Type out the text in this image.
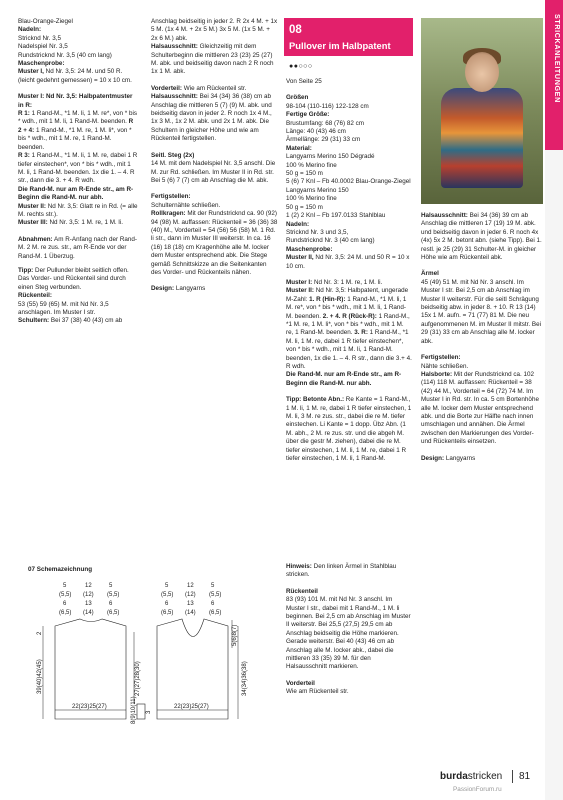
Blau-Orange-Ziegel
Nadeln:
Stricknd Nr. 3,5
Nadelspiel Nr. 3,5
Rundstricknd Nr. 3,5 (40 cm lang)
Maschenprobe:
Muster I, Nd Nr. 3,5: 24 M. und 50 R. (leicht gedehnt gemessen) = 10 x 10 cm.

Muster I: Nd Nr. 3,5: Halbpatentmuster in R:
R 1: 1 Rand-M., *1 M. li, 1 M. re*, von * bis * wdh., mit 1 M. li, 1 Rand-M. beenden. R 2 + 4: 1 Rand-M., *1 M. re, 1 M. li*, von * bis * wdh., mit 1 M. re, 1 Rand-M. beenden.
R 3: 1 Rand-M., *1 M. li, 1 M. re, dabei 1 R tiefer einstechen*, von * bis * wdh., mit 1 M. li, 1 Rand-M. beenden. 1x die 1. – 4. R str., dann die 3. + 4. R wdh.
Die Rand-M. nur am R-Ende str., am R-Beginn die Rand-M. nur abh.
Muster II: Nd Nr. 3,5: Glatt re in Rd. (= alle M. rechts str.).
Muster III: Nd Nr. 3,5: 1 M. re, 1 M. li.

Abnahmen: Am R-Anfang nach der Rand-M. 2 M. re zus. str., am R-Ende vor der Rand-M. 1 Überzug.

Tipp: Der Pullunder bleibt seitlich offen. Das Vorder- und Rückenteil sind durch einen Steg verbunden.
Rückenteil:
53 (55) 59 (65) M. mit Nd Nr. 3,5 anschlagen. Im Muster I str.
Schultern: Bei 37 (38) 40 (43) cm ab

Anschlag beidseitig in jeder 2. R 2x 4 M. + 1x 5 M. (1x 4 M. + 2x 5 M.) 3x 5 M. (1x 5 M. + 2x 6 M.) abk.
Halsausschnitt: Gleichzeitig mit dem Schulterbeginn die mittleren 23 (23) 25 (27) M. abk. und beidseitig davon nach 2 R noch 1x 1 M. abk.

Vorderteil: Wie am Rückenteil str.
Halsausschnitt: Bei 34 (34) 36 (38) cm ab Anschlag die mittleren 5 (7) (9) M. abk. und beidseitig davon in jeder 2. R noch 1x 4 M., 1x 3 M., 1x 2 M. abk. und 2x 1 M. abk. Die Schultern in gleicher Höhe und wie am Rückenteil fertigstellen.

Seitl. Steg (2x)
14 M. mit dem Nadelspiel Nr. 3,5 anschl. Die M. zur Rd. schließen. Im Muster II in Rd. str. Bei 5 (6) 7 (7) cm ab Anschlag die M. abk.

Fertigstellen:
Schulternähte schließen.
Rollkragen: Mit der Rundstricknd ca. 90 (92) 94 (98) M. auffassen: Rückenteil = 36 (36) 38 (40) M., Vorderteil = 54 (56) 56 (58) M. 1 Rd. li str., dann im Muster III weiterstr. In ca. 16 (16) 18 (18) cm Kragenhöhe alle M. locker dem Muster entsprechend abk. Die Stege gemäß Schnittskizze an die Seitenkanten des Vorder- und Rückenteils nähen.

Design: Langyarns

08
Pullover im Halbpatent
●●○○○

Von Seite 25

Größen
98-104 (110-116) 122-128 cm
Fertige Größe:
Brustumfang: 68 (76) 82 cm
Länge: 40 (43) 46 cm
Ärmellänge: 29 (31) 33 cm
Material:
Langyarns Merino 150 Dégradé
100 % Merino fine
50 g = 150 m
5 (6) 7 Knl – Fb 40.0002 Blau-Orange-Ziegel
Langyarns Merino 150
100 % Merino fine
50 g = 150 m
1 (2) 2 Knl – Fb 197.0133 Stahlblau
Nadeln:
Stricknd Nr. 3 und 3,5,
Rundstricknd Nr. 3 (40 cm lang)
Maschenprobe:
Muster II, Nd Nr. 3,5: 24 M. und 50 R = 10 x 10 cm.

Muster I: Nd Nr. 3: 1 M. re, 1 M. li.
Muster II: Nd Nr. 3,5: Halbpatent, ungerade M-Zahl: 1. R (Hin-R): 1 Rand-M., *1 M. li, 1 M. re*, von * bis * wdh., mit 1 M. li, 1 Rand-M. beenden. 2. + 4. R (Rück-R): 1 Rand-M., *1 M. re, 1 M. li*, von * bis * wdh., mit 1 M. re, 1 Rand-M. beenden. 3. R: 1 Rand-M., *1 M. li, 1 M. re, dabei 1 R tiefer einstechen*, von * bis * wdh., mit 1 M. li, 1 Rand-M. beenden, 1x die 1. – 4. R str., dann die 3.+ 4. R wdh.
Die Rand-M. nur am R-Ende str., am R-Beginn die Rand-M. nur abh.

Tipp: Betonte Abn.: Re Kante = 1 Rand-M., 1 M. li, 1 M. re, dabei 1 R tiefer einstechen, 1 M. li, 3 M. re zus. str., dabei die re M. tiefer einstechen. Li Kante = 1 dopp. Übz Abn. (1 M. abh., 2 M. re zus. str. und die abgeh M. über die gestr M. ziehen), dabei die re M. tiefer einstechen, 1 M. li, 1 M. re, dabei 1 R tiefer einstechen, 1 M. li, 1 Rand-M.

Hinweis: Den linken Ärmel in Stahlblau stricken.

Rückenteil
83 (93) 101 M. mit Nd Nr. 3 anschl. Im Muster I str., dabei mit 1 Rand-M., 1 M. li beginnen. Bei 2,5 cm ab Anschlag im Muster II weiterstr. Bei 25,5 (27,5) 29,5 cm ab Anschlag beidseitig die Höhe markieren. Gerade weiterstr. Bei 40 (43) 46 cm ab Anschlag alle M. locker abk., dabei die mittleren 33 (35) 39 M. für den Halsausschnitt markieren.

Vorderteil
Wie am Rückenteil str.

Halsausschnitt: Bei 34 (36) 39 cm ab Anschlag die mittleren 17 (19) 19 M. abk. und beidseitig davon in jeder 6. R noch 4x (4x) 5x 2 M. betont abn. (siehe Tipp). Bei 1. restl. je 25 (29) 31 Schulter-M. in gleicher Höhe wie am Rückenteil abk.

Ärmel
45 (49) 51 M. mit Nd Nr. 3 anschl. Im Muster I str. Bei 2,5 cm ab Anschlag im Muster II weiterstr. Für die seitl Schrägung beidseitig abw. in jeder 8. + 10. R 13 (14) 15x 1 M. aufn. = 71 (77) 81 M. Die neu aufgenommenen M. im Muster II mitstr. Bei 29 (31) 33 cm ab Anschlag alle M. locker abk.

Fertigstellen:
Nähte schließen.
Halsborte: Mit der Rundstricknd ca. 102 (114) 118 M. auffassen: Rückenteil = 38 (42) 44 M., Vorderteil = 64 (72) 74 M. Im Muster I in Rd. str. In ca. 5 cm Bortenhöhe alle M. locker dem Muster entsprechend abk. und die Borte zur Hälfte nach innen umschlagen und annähen. Die Ärmel zwischen den Markierungen des Vorder- und Rückenteils einsetzen.

Design: Langyarns

STRICKANLEITUNGEN
07 Schemazeichnung
5	12	5
(5,5) (12) (5,5)
6	13	6
(6,5) (14) (6,5)
39(40)42(45)
2
22(23)25(27)	8(9)10(11) 3
27(27)28(30)
5	12	5
(5,5) (12) (5,5)
6	13	6
(6,5) (14) (6,5)
5(6)8(7)
34(34)36(38)
22(23)25(27)
burdastricken 81
PassionForum.ru
